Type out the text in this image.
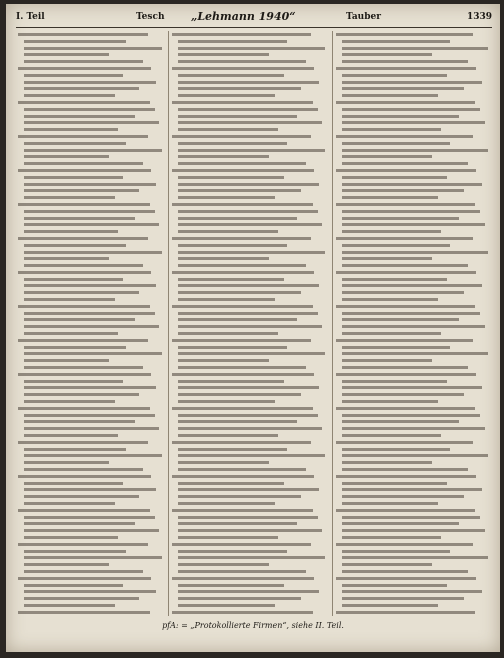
I. Teil	Tesch „Lehmann 1940“	Tauber	1339
pfA: = „Protokollierte Firmen“, siehe II. Teil.
